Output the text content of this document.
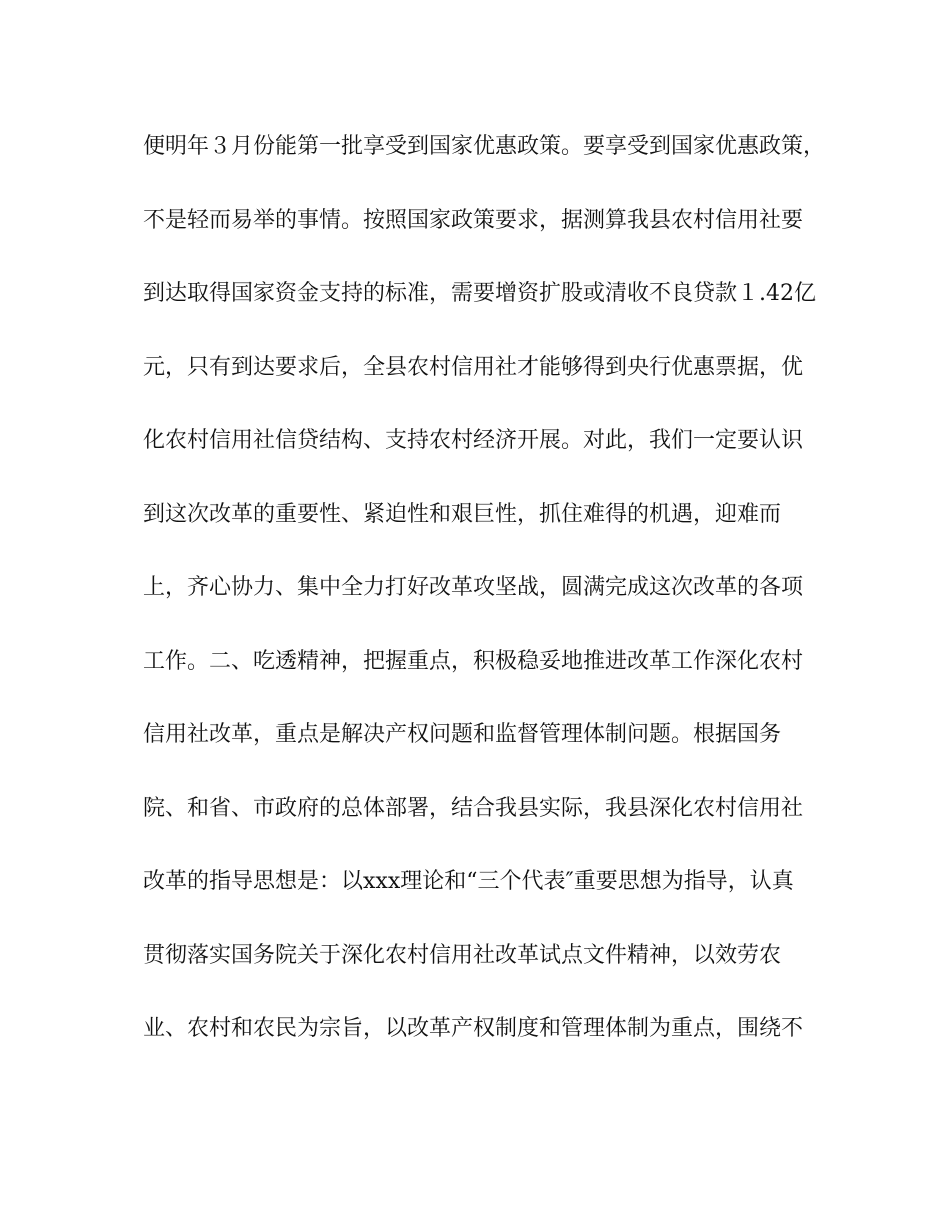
便明年３月份能第一批享受到国家优惠政策。要享受到国家优惠政策，
不是轻而易举的事情。按照国家政策要求，据测算我县农村信用社要
到达取得国家资金支持的标准，需要增资扩股或清收不良贷款１.42亿
元，只有到达要求后，全县农村信用社才能够得到央行优惠票据，优
化农村信用社信贷结构、支持农村经济开展。对此，我们一定要认识
到这次改革的重要性、紧迫性和艰巨性，抓住难得的机遇，迎难而
上，齐心协力、集中全力打好改革攻坚战，圆满完成这次改革的各项
工作。二、吃透精神，把握重点，积极稳妥地推进改革工作深化农村
信用社改革，重点是解决产权问题和监督管理体制问题。根据国务
院、和省、市政府的总体部署，结合我县实际，我县深化农村信用社
改革的指导思想是：以xxx理论和“三个代表″重要思想为指导，认真
贯彻落实国务院关于深化农村信用社改革试点文件精神，以效劳农
业、农村和农民为宗旨，以改革产权制度和管理体制为重点，围绕不
